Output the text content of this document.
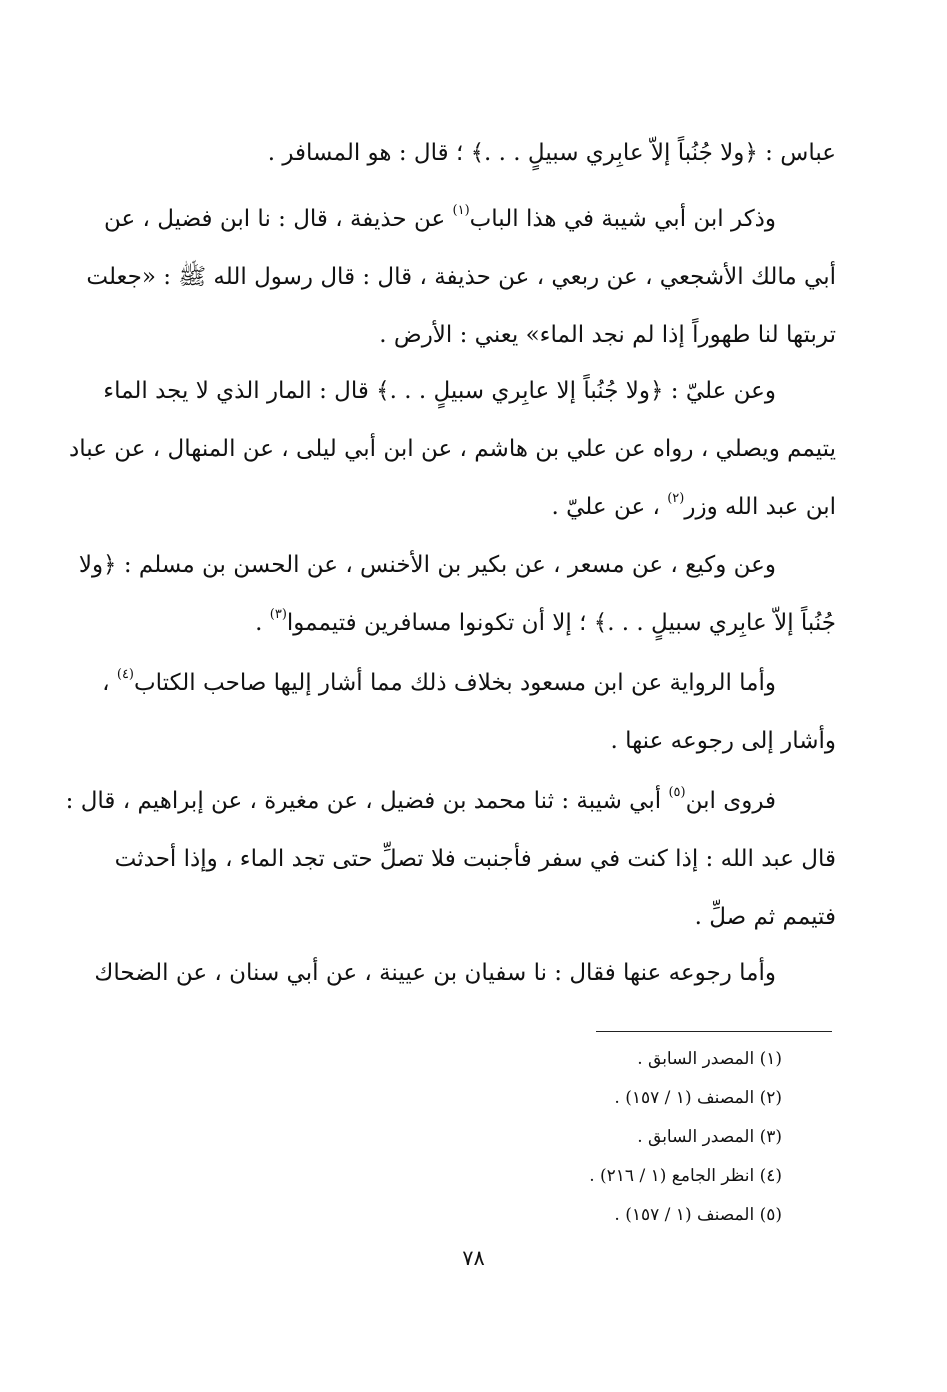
عباس : ﴿ولا جُنُباً إلاّ عابِري سبيلٍ . . .﴾ ؛ قال : هو المسافر .
وذكر ابن أبي شيبة في هذا الباب$^{(١)}$ عن حذيفة ، قال : نا ابن فضيل ، عن
أبي مالك الأشجعي ، عن ربعي ، عن حذيفة ، قال : قال رسول الله ﷺ : «جعلت
تربتها لنا طهوراً إذا لم نجد الماء» يعني : الأرض .
وعن عليّ : ﴿ولا جُنُباً إلا عابِري سبيلٍ . . .﴾ قال : المار الذي لا يجد الماء
يتيمم ويصلي ، رواه عن علي بن هاشم ، عن ابن أبي ليلى ، عن المنهال ، عن عباد
ابن عبد الله وزر$^{(٢)}$ ، عن عليّ .
وعن وكيع ، عن مسعر ، عن بكير بن الأخنس ، عن الحسن بن مسلم : ﴿ولا
جُنُباً إلاّ عابِري سبيلٍ . . .﴾ ؛ إلا أن تكونوا مسافرين فتيمموا$^{(٣)}$ .
وأما الرواية عن ابن مسعود بخلاف ذلك مما أشار إليها صاحب الكتاب$^{(٤)}$ ،
وأشار إلى رجوعه عنها .
فروى ابن$^{(٥)}$ أبي شيبة : ثنا محمد بن فضيل ، عن مغيرة ، عن إبراهيم ، قال :
قال عبد الله : إذا كنت في سفر فأجنبت فلا تصلِّ حتى تجد الماء ، وإذا أحدثت
فتيمم ثم صلِّ .
وأما رجوعه عنها فقال : نا سفيان بن عيينة ، عن أبي سنان ، عن الضحاك
(١) المصدر السابق .
(٢) المصنف (١ / ١٥٧) .
(٣) المصدر السابق .
(٤) انظر الجامع (١ / ٢١٦) .
(٥) المصنف (١ / ١٥٧) .
٧٨
